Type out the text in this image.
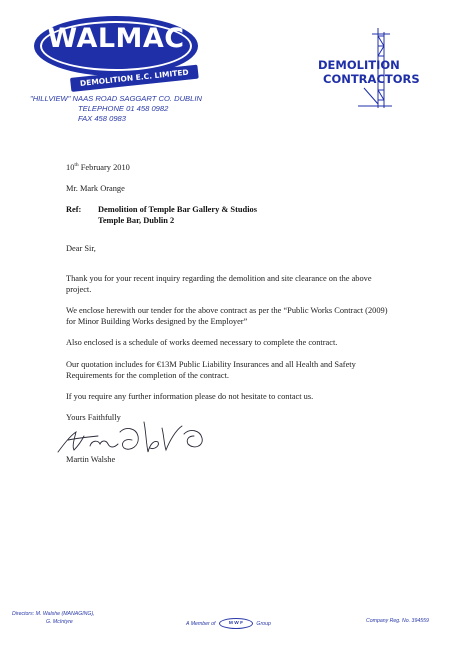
WALMAC
DEMOLITION E.C. LIMITED
"HILLVIEW" NAAS ROAD SAGGART CO. DUBLIN
TELEPHONE 01 458 0982
FAX 458 0983
DEMOLITION
CONTRACTORS
10th February 2010
Mr. Mark Orange
Ref: Demolition of Temple Bar Gallery & Studios
Temple Bar, Dublin 2
Dear Sir,

Thank you for your recent inquiry regarding the demolition and site clearance on the above project.

We enclose herewith our tender for the above contract as per the “Public Works Contract (2009) for Minor Building Works designed by the Employer”

Also enclosed is a schedule of works deemed necessary to complete the contract.

Our quotation includes for €13M Public Liability Insurances and all Health and Safety Requirements for the completion of the contract.

If you require any further information please do not hesitate to contact us.

Yours Faithfully
Martin Walshe
Directors: M. Walshe (MANAGING),
G. McIntyre	A Member of	M W F	Group	Company Reg. No. 394559
